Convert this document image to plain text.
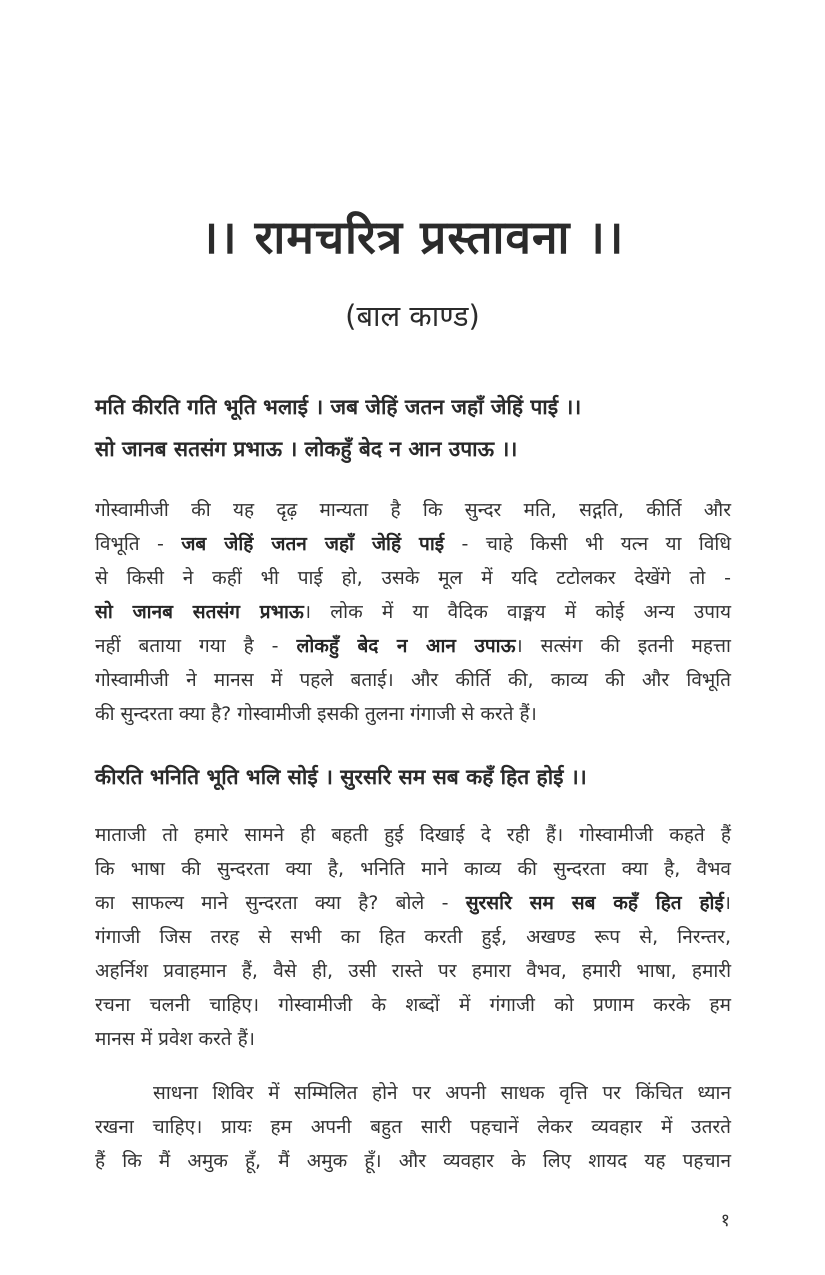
।। रामचरित्र प्रस्तावना ।।
(बाल काण्ड)
मति कीरति गति भूति भलाई । जब जेहिं जतन जहाँ जेहिं पाई ।।
सो जानब सतसंग प्रभाऊ । लोकहुँ बेद न आन उपाऊ ।।
गोस्वामीजी की यह दृढ़ मान्यता है कि सुन्दर मति, सद्गति, कीर्ति और
विभूति - जब जेहिं जतन जहाँ जेहिं पाई - चाहे किसी भी यत्न या विधि
से किसी ने कहीं भी पाई हो, उसके मूल में यदि टटोलकर देखेंगे तो -
सो जानब सतसंग प्रभाऊ। लोक में या वैदिक वाङ्मय में कोई अन्य उपाय
नहीं बताया गया है - लोकहुँ बेद न आन उपाऊ। सत्संग की इतनी महत्ता
गोस्वामीजी ने मानस में पहले बताई। और कीर्ति की, काव्य की और विभूति
की सुन्दरता क्या है? गोस्वामीजी इसकी तुलना गंगाजी से करते हैं।
कीरति भनिति भूति भलि सोई । सुरसरि सम सब कहँ हित होई ।।
माताजी तो हमारे सामने ही बहती हुई दिखाई दे रही हैं। गोस्वामीजी कहते हैं
कि भाषा की सुन्दरता क्या है, भनिति माने काव्य की सुन्दरता क्या है, वैभव
का साफल्य माने सुन्दरता क्या है? बोले - सुरसरि सम सब कहँ हित होई।
गंगाजी जिस तरह से सभी का हित करती हुई, अखण्ड रूप से, निरन्तर,
अहर्निश प्रवाहमान हैं, वैसे ही, उसी रास्ते पर हमारा वैभव, हमारी भाषा, हमारी
रचना चलनी चाहिए। गोस्वामीजी के शब्दों में गंगाजी को प्रणाम करके हम
मानस में प्रवेश करते हैं।
साधना शिविर में सम्मिलित होने पर अपनी साधक वृत्ति पर किंचित ध्यान
रखना चाहिए। प्रायः हम अपनी बहुत सारी पहचानें लेकर व्यवहार में उतरते
हैं कि मैं अमुक हूँ, मैं अमुक हूँ। और व्यवहार के लिए शायद यह पहचान
१
